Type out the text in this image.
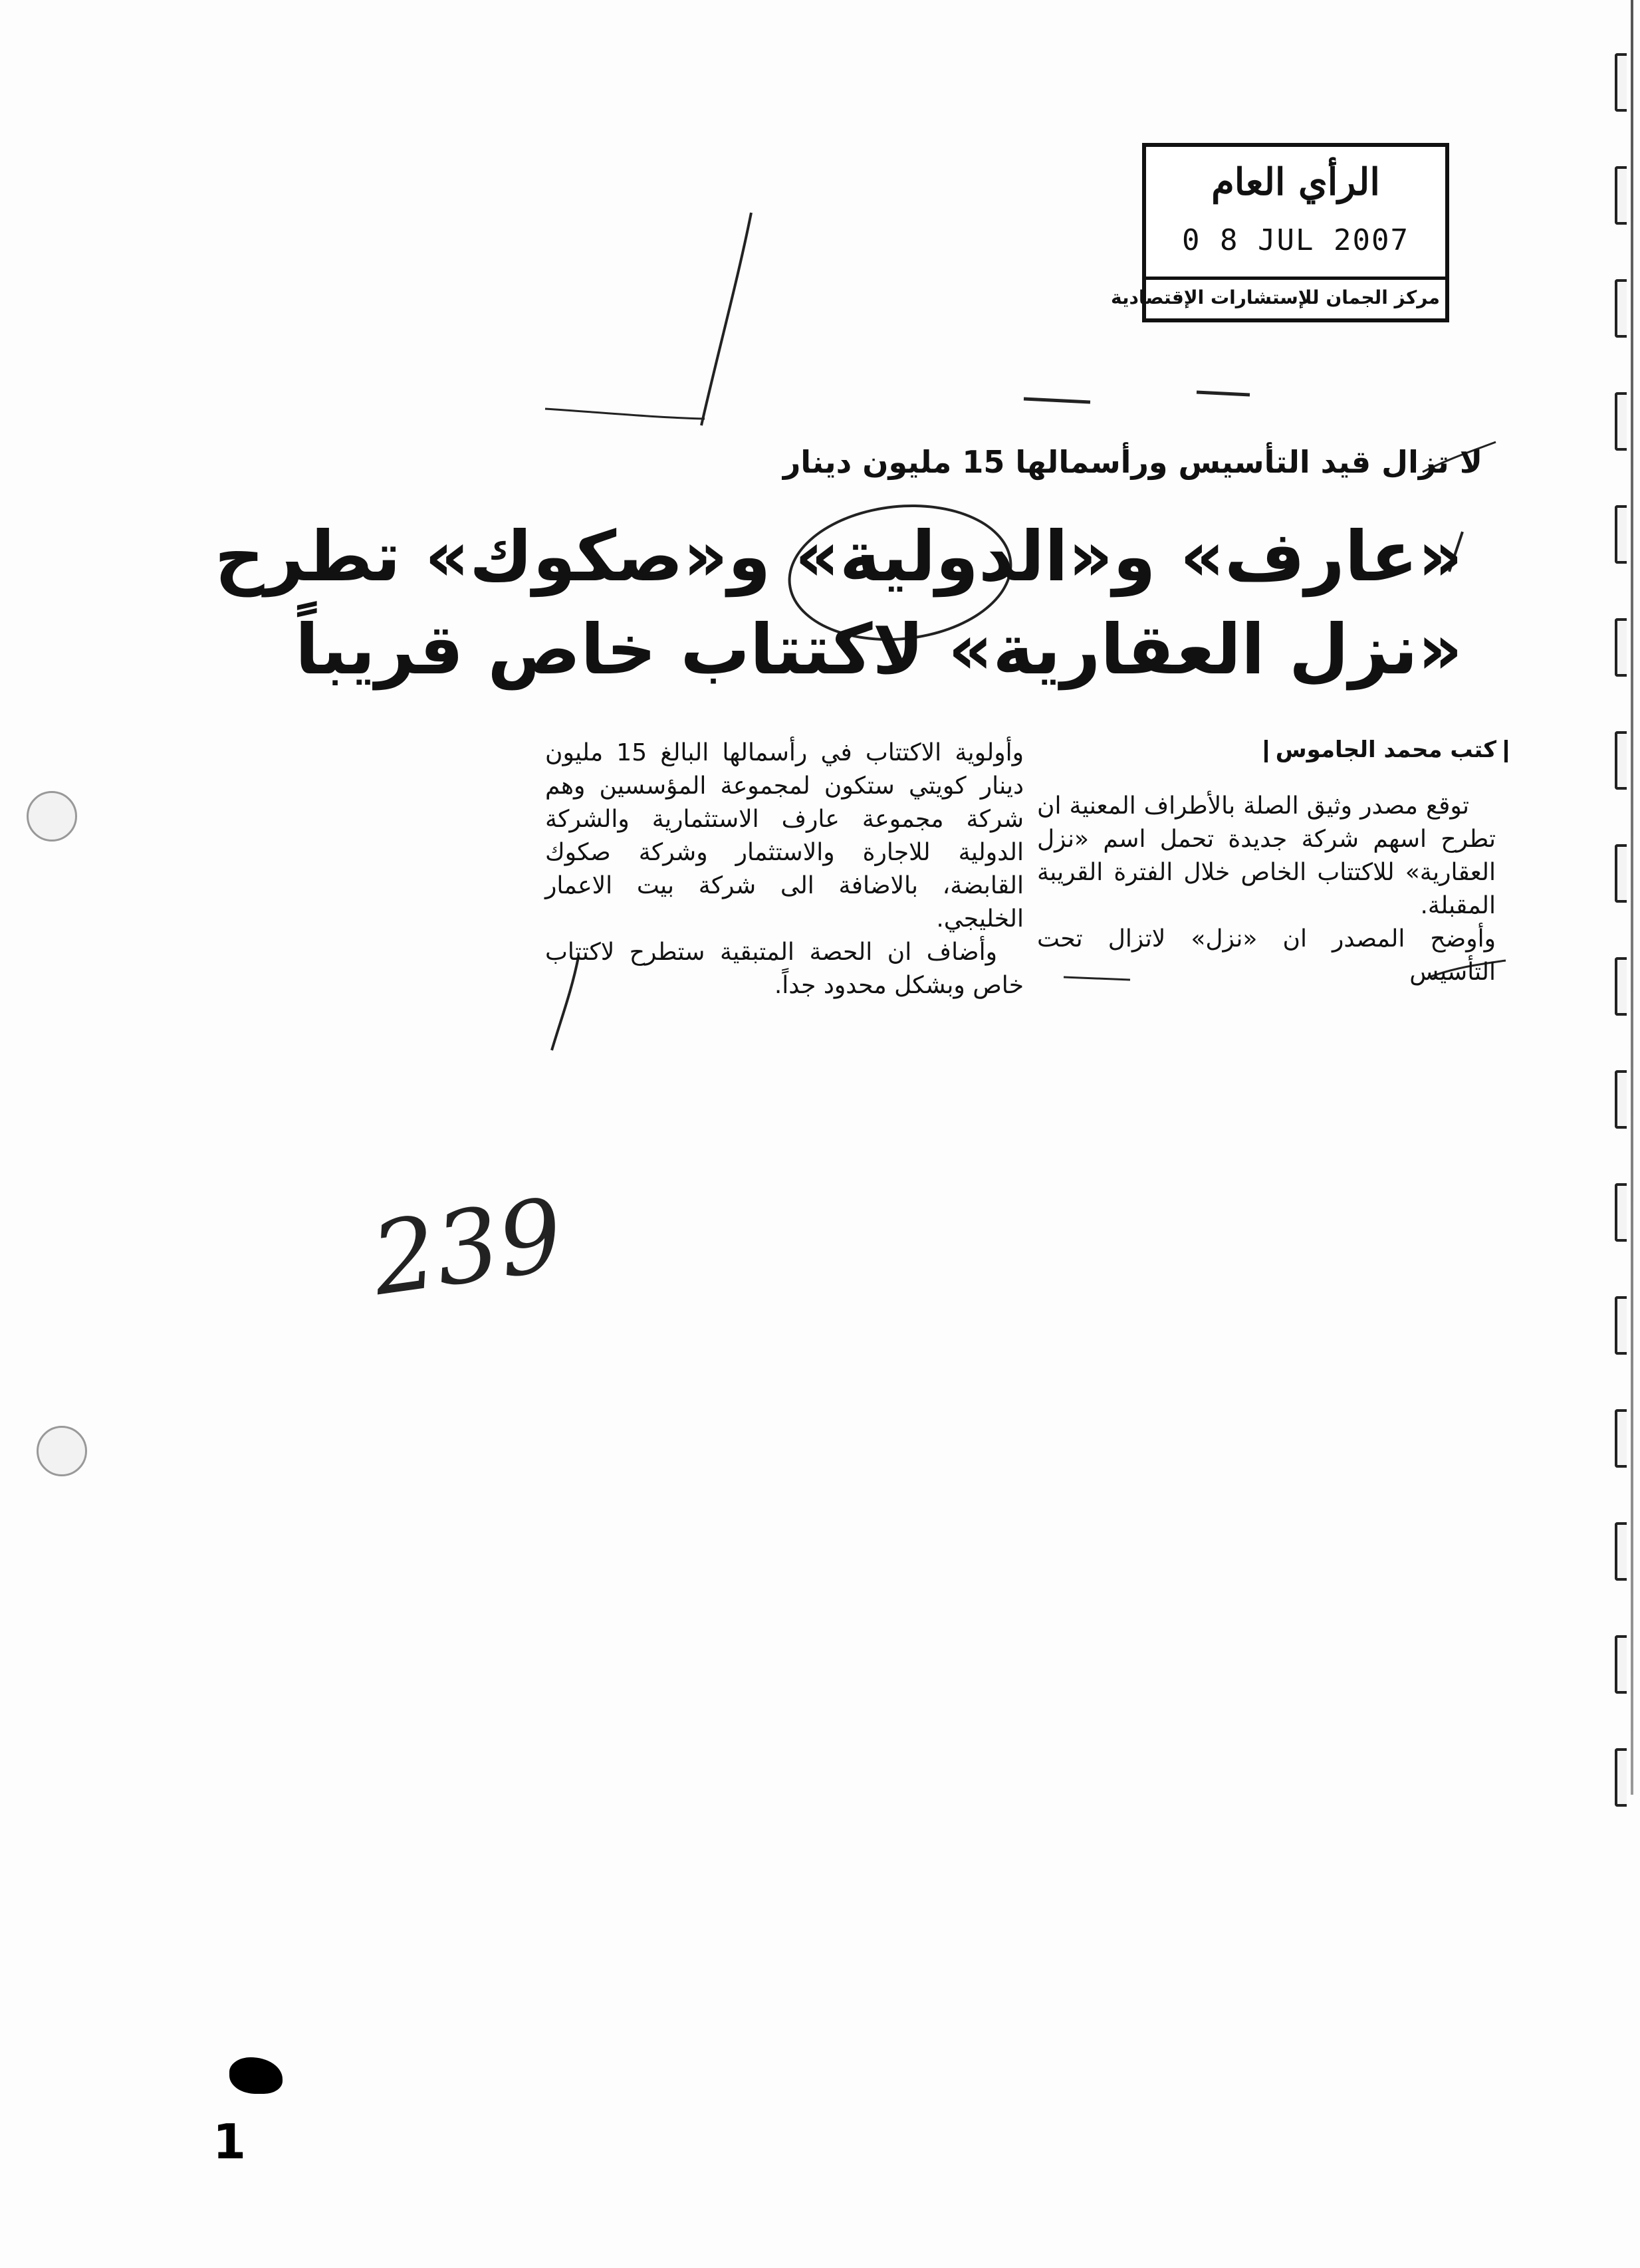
الرأي العام
0 8 JUL 2007
مركز الجمان للإستشارات الإقتصادية
لا تزال قيد التأسيس ورأسمالها 15 مليون دينار
«عارف» و«الدولية» و«صكوك» تطرح
«نزل العقارية» لاكتتاب خاص قريباً
كتب محمد الجاموس

توقع مصدر وثيق الصلة بالأطراف المعنية ان تطرح اسهم شركة جديدة تحمل اسم «نزل العقارية» للاكتتاب الخاص خلال الفترة القريبة المقبلة.

وأوضح المصدر ان «نزل» لاتزال تحت التأسيس

وأولوية الاكتتاب في رأسمالها البالغ 15 مليون دينار كويتي ستكون لمجموعة المؤسسين وهم شركة مجموعة عارف الاستثمارية والشركة الدولية للاجارة والاستثمار وشركة صكوك القابضة، بالاضافة الى شركة بيت الاعمار الخليجي.

وأضاف ان الحصة المتبقية ستطرح لاكتتاب خاص وبشكل محدود جداً.

239
1
